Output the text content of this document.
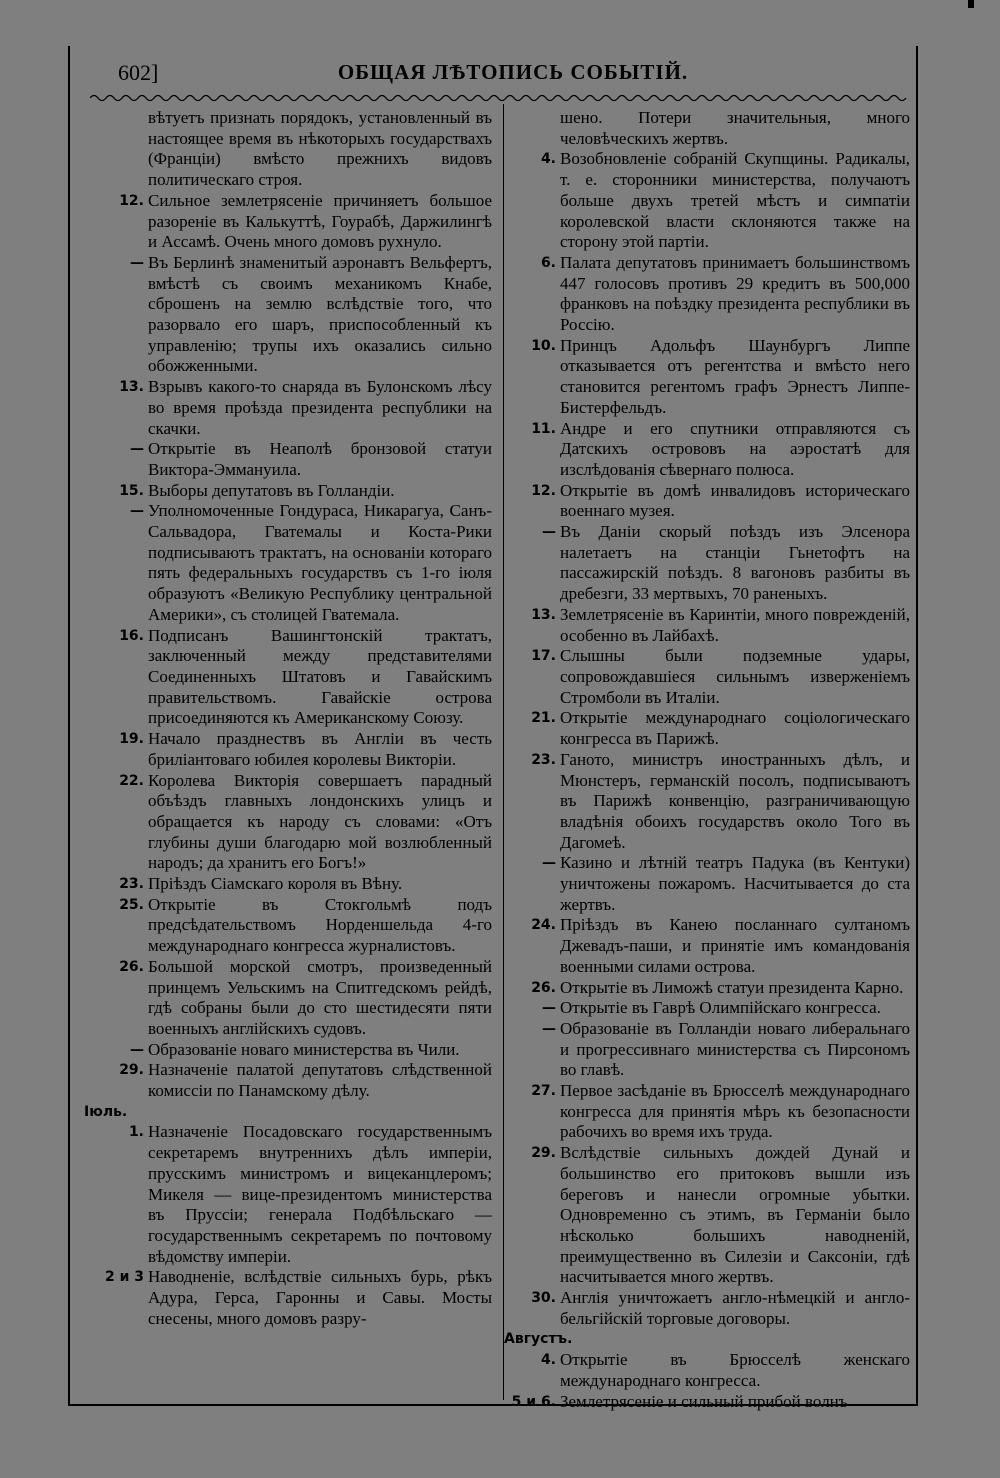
602]	ОБЩАЯ ЛѢТОПИСЬ СОБЫТІЙ.
вѣтуетъ признать порядокъ, установленный въ настоящее время въ нѣкоторыхъ государствахъ (Франціи) вмѣсто прежнихъ видовъ политическаго строя.
12. Сильное землетрясеніе причиняетъ большое разореніе въ Калькуттѣ, Гоурабѣ, Даржилингѣ и Ассамѣ. Очень много домовъ рухнуло.
— Въ Берлинѣ знаменитый аэронавтъ Вельфертъ, вмѣстѣ съ своимъ механикомъ Кнабе, сброшенъ на землю вслѣдствіе того, что разорвало его шаръ, приспособленный къ управленію; трупы ихъ оказались сильно обожженными.
13. Взрывъ какого-то снаряда въ Булонскомъ лѣсу во время проѣзда президента республики на скачки.
— Открытіе въ Неаполѣ бронзовой статуи Виктора-Эммануила.
15. Выборы депутатовъ въ Голландіи.
— Уполномоченные Гондураса, Никарагуа, Санъ-Сальвадора, Гватемалы и Коста-Рики подписываютъ трактатъ, на основаніи котораго пять федеральныхъ государствъ съ 1-го іюля образуютъ «Великую Республику центральной Америки», съ столицей Гватемала.
16. Подписанъ Вашингтонскій трактатъ, заключенный между представителями Соединенныхъ Штатовъ и Гавайскимъ правительствомъ. Гавайскіе острова присоединяются къ Американскому Союзу.
19. Начало празднествъ въ Англіи въ честь бриліантоваго юбилея королевы Викторіи.
22. Королева Викторія совершаетъ парадный объѣздъ главныхъ лондонскихъ улицъ и обращается къ народу съ словами: «Отъ глубины души благодарю мой возлюбленный народъ; да хранитъ его Богъ!»
23. Пріѣздъ Сіамскаго короля въ Вѣну.
25. Открытіе въ Стокгольмѣ подъ предсѣдательствомъ Норденшельда 4-го международнаго конгресса журналистовъ.
26. Большой морской смотръ, произведенный принцемъ Уельскимъ на Спитгедскомъ рейдѣ, гдѣ собраны были до сто шестидесяти пяти военныхъ англійскихъ судовъ.
— Образованіе новаго министерства въ Чили.
29. Назначеніе палатой депутатовъ слѣдственной комиссіи по Панамскому дѣлу.
Іюль.
1. Назначеніе Посадовскаго государственнымъ секретаремъ внутреннихъ дѣлъ имперіи, прусскимъ министромъ и вицеканцлеромъ; Микеля — вице-президентомъ министерства въ Пруссіи; генерала Подбѣльскаго — государственнымъ секретаремъ по почтовому вѣдомству имперіи.
2 и 3 Наводненіе, вслѣдствіе сильныхъ бурь, рѣкъ Адура, Герса, Гаронны и Савы. Мосты снесены, много домовъ разру-
шено. Потери значительныя, много человѣческихъ жертвъ.
4. Возобновленіе собраній Скупщины. Радикалы, т. е. сторонники министерства, получаютъ больше двухъ третей мѣстъ и симпатіи королевской власти склоняются также на сторону этой партіи.
6. Палата депутатовъ принимаетъ большинствомъ 447 голосовъ противъ 29 кредитъ въ 500,000 франковъ на поѣздку президента республики въ Россію.
10. Принцъ Адольфъ Шаунбургъ Липпе отказывается отъ регентства и вмѣсто него становится регентомъ графъ Эрнестъ Липпе-Бистерфельдъ.
11. Андре и его спутники отправляются съ Датскихъ острововъ на аэростатѣ для изслѣдованія сѣвернаго полюса.
12. Открытіе въ домѣ инвалидовъ историческаго военнаго музея.
— Въ Даніи скорый поѣздъ изъ Элсенора налетаетъ на станціи Гьнетофтъ на пассажирскій поѣздъ. 8 вагоновъ разбиты въ дребезги, 33 мертвыхъ, 70 раненыхъ.
13. Землетрясеніе въ Каринтіи, много поврежденій, особенно въ Лайбахѣ.
17. Слышны были подземные удары, сопровождавшіеся сильнымъ изверженіемъ Стромболи въ Италіи.
21. Открытіе международнаго соціологическаго конгресса въ Парижѣ.
23. Ганото, министръ иностранныхъ дѣлъ, и Мюнстеръ, германскій посолъ, подписываютъ въ Парижѣ конвенцію, разграничивающую владѣнія обоихъ государствъ около Того въ Дагомеѣ.
— Казино и лѣтній театръ Падука (въ Кентуки) уничтожены пожаромъ. Насчитывается до ста жертвъ.
24. Пріѣздъ въ Канею посланнаго султаномъ Джевадъ-паши, и принятіе имъ командованія военными силами острова.
26. Открытіе въ Лиможѣ статуи президента Карно.
— Открытіе въ Гаврѣ Олимпійскаго конгресса.
— Образованіе въ Голландіи новаго либеральнаго и прогрессивнаго министерства съ Пирсономъ во главѣ.
27. Первое засѣданіе въ Брюсселѣ международнаго конгресса для принятія мѣръ къ безопасности рабочихъ во время ихъ труда.
29. Вслѣдствіе сильныхъ дождей Дунай и большинство его притоковъ вышли изъ береговъ и нанесли огромные убытки. Одновременно съ этимъ, въ Германіи было нѣсколько большихъ наводненій, преимущественно въ Силезіи и Саксоніи, гдѣ насчитывается много жертвъ.
30. Англія уничтожаетъ англо-нѣмецкій и англо-бельгійскій торговые договоры.
Августъ.
4. Открытіе въ Брюсселѣ женскаго международнаго конгресса.
5 и 6. Землетрясеніе и сильный прибой волнъ
